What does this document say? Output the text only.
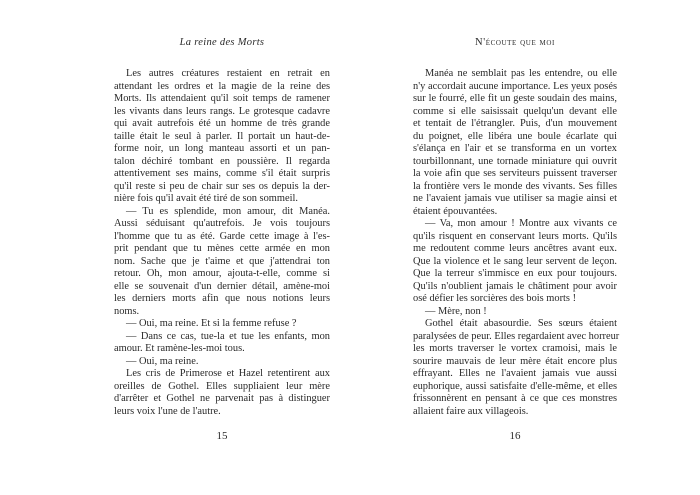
La reine des Morts
Les autres créatures restaient en retrait en
attendant les ordres et la magie de la reine des
Morts. Ils attendaient qu'il soit temps de ramener
les vivants dans leurs rangs. Le grotesque cadavre
qui avait autrefois été un homme de très grande
taille était le seul à parler. Il portait un haut-de-
forme noir, un long manteau assorti et un pan-
talon déchiré tombant en poussière. Il regarda
attentivement ses mains, comme s'il était surpris
qu'il reste si peu de chair sur ses os depuis la der-
nière fois qu'il avait été tiré de son sommeil.
— Tu es splendide, mon amour, dit Manéa.
Aussi séduisant qu'autrefois. Je vois toujours
l'homme que tu as été. Garde cette image à l'es-
prit pendant que tu mènes cette armée en mon
nom. Sache que je t'aime et que j'attendrai ton
retour. Oh, mon amour, ajouta-t-elle, comme si
elle se souvenait d'un dernier détail, amène-moi
les derniers morts afin que nous notions leurs
noms.
— Oui, ma reine. Et si la femme refuse ?
— Dans ce cas, tue-la et tue les enfants, mon
amour. Et ramène-les-moi tous.
— Oui, ma reine.
Les cris de Primerose et Hazel retentirent aux
oreilles de Gothel. Elles suppliaient leur mère
d'arrêter et Gothel ne parvenait pas à distinguer
leurs voix l'une de l'autre.
15
N'écoute que moi
Manéa ne semblait pas les entendre, ou elle
n'y accordait aucune importance. Les yeux posés
sur le fourré, elle fit un geste soudain des mains,
comme si elle saisissait quelqu'un devant elle
et tentait de l'étrangler. Puis, d'un mouvement
du poignet, elle libéra une boule écarlate qui
s'élança en l'air et se transforma en un vortex
tourbillonnant, une tornade miniature qui ouvrit
la voie afin que ses serviteurs puissent traverser
la frontière vers le monde des vivants. Ses filles
ne l'avaient jamais vue utiliser sa magie ainsi et
étaient épouvantées.
— Va, mon amour ! Montre aux vivants ce
qu'ils risquent en conservant leurs morts. Qu'ils
me redoutent comme leurs ancêtres avant eux.
Que la violence et le sang leur servent de leçon.
Que la terreur s'immisce en eux pour toujours.
Qu'ils n'oublient jamais le châtiment pour avoir
osé défier les sorcières des bois morts !
— Mère, non !
Gothel était abasourdie. Ses sœurs étaient
paralysées de peur. Elles regardaient avec horreur
les morts traverser le vortex cramoisi, mais le
sourire mauvais de leur mère était encore plus
effrayant. Elles ne l'avaient jamais vue aussi
euphorique, aussi satisfaite d'elle-même, et elles
frissonnèrent en pensant à ce que ces monstres
allaient faire aux villageois.
16
